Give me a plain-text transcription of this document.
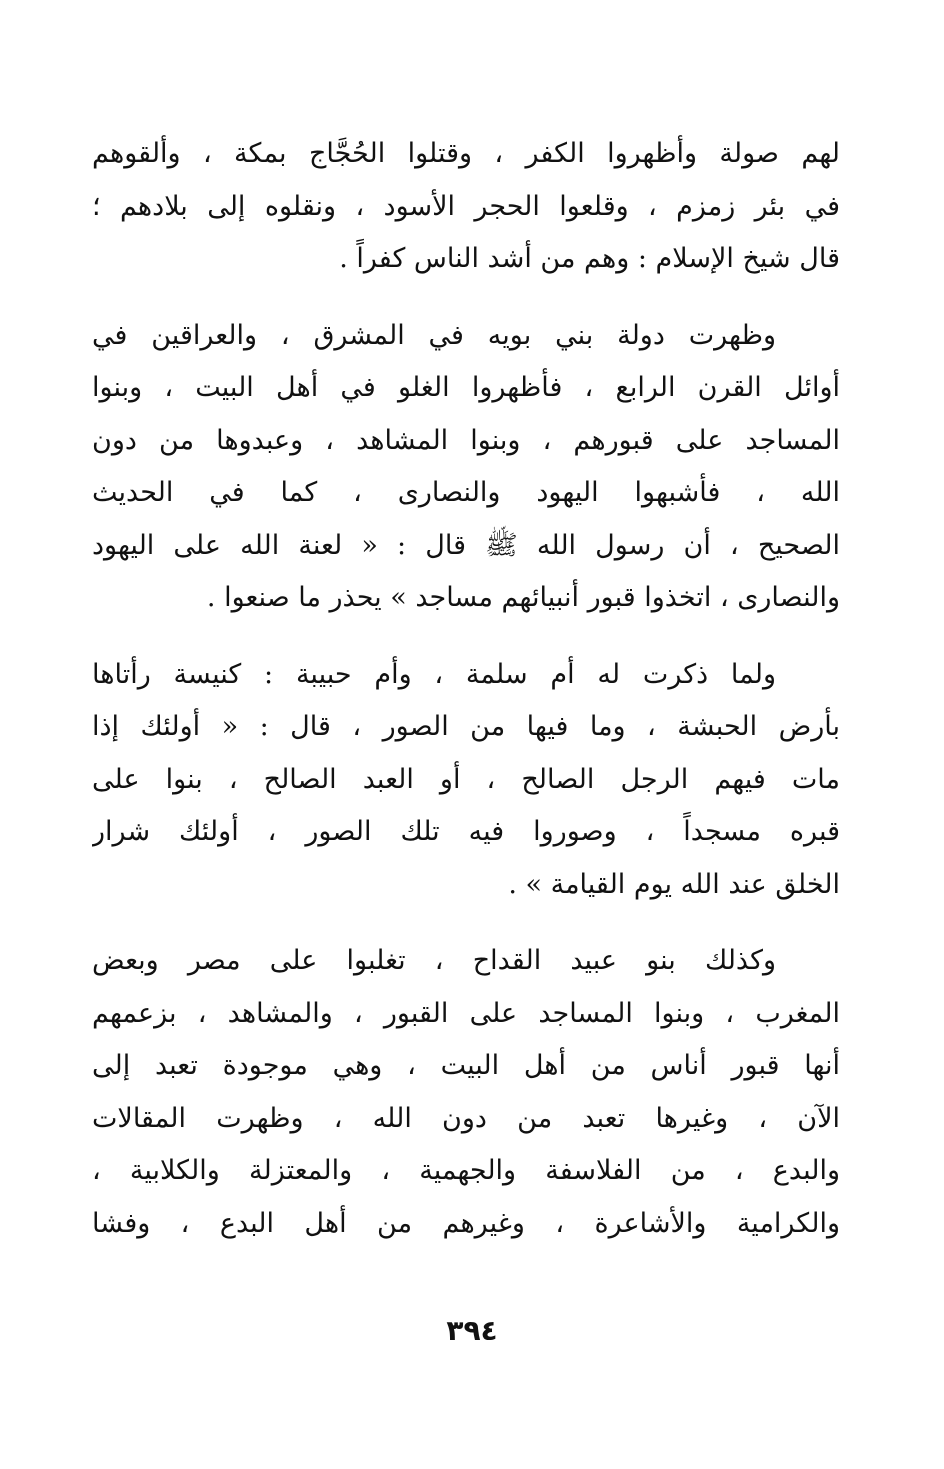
لهم صولة وأظهروا الكفر ، وقتلوا الحُجَّاج بمكة ، وألقوهم
في بئر زمزم ، وقلعوا الحجر الأسود ، ونقلوه إلى بلادهم ؛
قال شيخ الإسلام : وهم من أشد الناس كفراً .
وظهرت دولة بني بويه في المشرق ، والعراقين في
أوائل القرن الرابع ، فأظهروا الغلو في أهل البيت ، وبنوا
المساجد على قبورهم ، وبنوا المشاهد ، وعبدوها من دون
الله ، فأشبهوا اليهود والنصارى ، كما في الحديث
الصحيح ، أن رسول الله ﷺ قال : « لعنة الله على اليهود
والنصارى ، اتخذوا قبور أنبيائهم مساجد » يحذر ما صنعوا .
ولما ذكرت له أم سلمة ، وأم حبيبة : كنيسة رأتاها
بأرض الحبشة ، وما فيها من الصور ، قال : « أولئك إذا
مات فيهم الرجل الصالح ، أو العبد الصالح ، بنوا على
قبره مسجداً ، وصوروا فيه تلك الصور ، أولئك شرار
الخلق عند الله يوم القيامة » .
وكذلك بنو عبيد القداح ، تغلبوا على مصر وبعض
المغرب ، وبنوا المساجد على القبور ، والمشاهد ، بزعمهم
أنها قبور أناس من أهل البيت ، وهي موجودة تعبد إلى
الآن ، وغيرها تعبد من دون الله ، وظهرت المقالات
والبدع ، من الفلاسفة والجهمية ، والمعتزلة والكلابية ،
والكرامية والأشاعرة ، وغيرهم من أهل البدع ، وفشا
٣٩٤
